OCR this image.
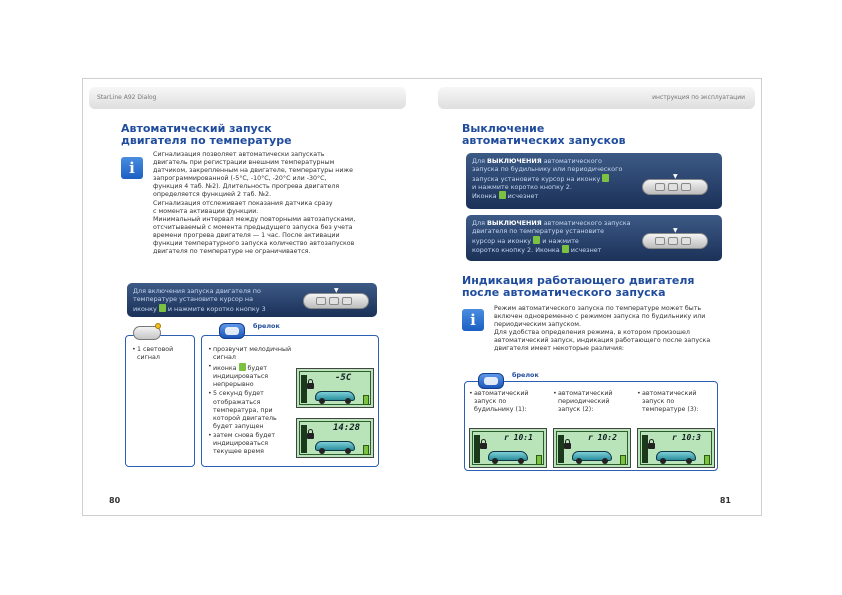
StarLine A92 Dialog
Автоматический запуск
двигателя по температуре
i
Сигнализация позволяет автоматически запускать
двигатель при регистрации внешним температурным
датчиком, закрепленным на двигателе, температуры ниже
запрограммированной (-5°C, -10°C, -20°C или -30°C,
функция 4 таб. №2). Длительность прогрева двигателя
определяется функцией 2 таб. №2.
Сигнализация отслеживает показания датчика сразу
с момента активации функции.
Минимальный интервал между повторными автозапусками,
отсчитываемый с момента предыдущего запуска без учета
времени прогрева двигателя — 1 час. После активации
функции температурного запуска количество автозапусков
двигателя по температуре не ограничивается.
Для включения запуска двигателя по
температуре установите курсор на
иконку и нажмите коротко кнопку 3
▼
• 1 световой
сигнал
• прозвучит мелодичный сигнал
• иконка будет индицироваться
непрерывно
• 5 секунд будет
отображаться
температура, при
которой двигатель
будет запущен
• затем снова будет
индицироваться
текущее время
-5C
14:28
брелок
80
инструкция по эксплуатации
Выключение
автоматических запусков
Для ВЫКЛЮЧЕНИЯ автоматического
запуска по будильнику или периодического
запуска установите курсор на иконку
и нажмите коротко кнопку 2.
Иконка исчезнет
▼
Для ВЫКЛЮЧЕНИЯ автоматического запуска
двигателя по температуре установите
курсор на иконку и нажмите
коротко кнопку 2. Иконка исчезнет
▼
Индикация работающего двигателя
после автоматического запуска
i
Режим автоматического запуска по температуре может быть
включен одновременно с режимом запуска по будильнику или
периодическим запуском.
Для удобства определения режима, в котором произошел
автоматический запуск, индикация работающего после запуска
двигателя имеет некоторые различия:
• автоматический
запуск по
будильнику (1):
r 10:1
• автоматический
периодический
запуск (2):
r 10:2
• автоматический
запуск по
температуре (3):
r 10:3
брелок
81
